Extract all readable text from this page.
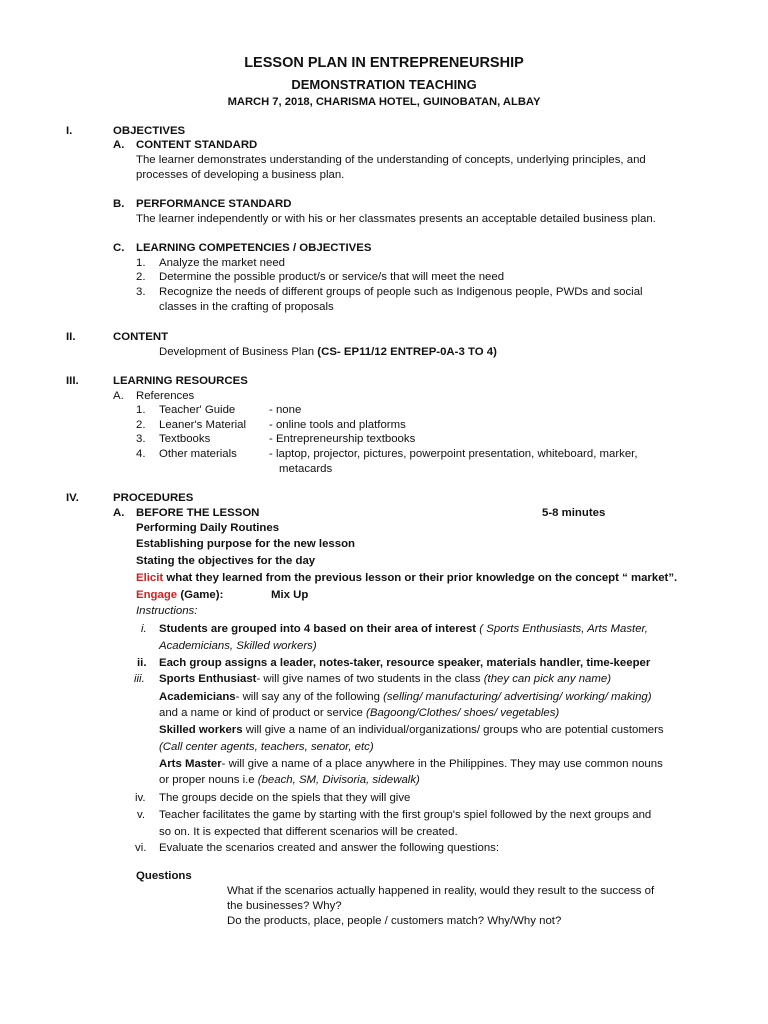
LESSON PLAN IN ENTREPRENEURSHIP
DEMONSTRATION TEACHING
MARCH 7, 2018, CHARISMA HOTEL, GUINOBATAN, ALBAY
I.	OBJECTIVES
A. CONTENT STANDARD
The learner demonstrates understanding of the understanding of concepts, underlying principles, and
processes of developing a business plan.
B. PERFORMANCE STANDARD
The learner independently or with his or her classmates presents an acceptable detailed business plan.
C. LEARNING COMPETENCIES / OBJECTIVES
1. Analyze the market need
2. Determine the possible product/s or service/s that will meet the need
3. Recognize the needs of different groups of people such as Indigenous people, PWDs and social
classes in the crafting of proposals
II.	CONTENT
Development of Business Plan (CS- EP11/12 ENTREP-0A-3 TO 4)
III.	LEARNING RESOURCES
A. References
1. Teacher' Guide	- none
2. Leaner's Material - online tools and platforms
3. Textbooks	- Entrepreneurship textbooks
4. Other materials	- laptop, projector, pictures, powerpoint presentation, whiteboard, marker,
metacards
IV.	PROCEDURES
A. BEFORE THE LESSON	5-8 minutes
Performing Daily Routines
Establishing purpose for the new lesson
Stating the objectives for the day
Elicit what they learned from the previous lesson or their prior knowledge on the concept “ market”.
Engage (Game):	Mix Up
Instructions:
i. Students are grouped into 4 based on their area of interest ( Sports Enthusiasts, Arts Master,
Academicians, Skilled workers)
ii. Each group assigns a leader, notes-taker, resource speaker, materials handler, time-keeper
iii. Sports Enthusiast- will give names of two students in the class (they can pick any name)
Academicians- will say any of the following (selling/ manufacturing/ advertising/ working/ making)
and a name or kind of product or service (Bagoong/Clothes/ shoes/ vegetables)
Skilled workers will give a name of an individual/organizations/ groups who are potential customers
(Call center agents, teachers, senator, etc)
Arts Master- will give a name of a place anywhere in the Philippines. They may use common nouns
or proper nouns i.e (beach, SM, Divisoria, sidewalk)
iv. The groups decide on the spiels that they will give
v. Teacher facilitates the game by starting with the first group's spiel followed by the next groups and
so on. It is expected that different scenarios will be created.
vi. Evaluate the scenarios created and answer the following questions:
Questions
What if the scenarios actually happened in reality, would they result to the success of
the businesses? Why?
Do the products, place, people / customers match? Why/Why not?
